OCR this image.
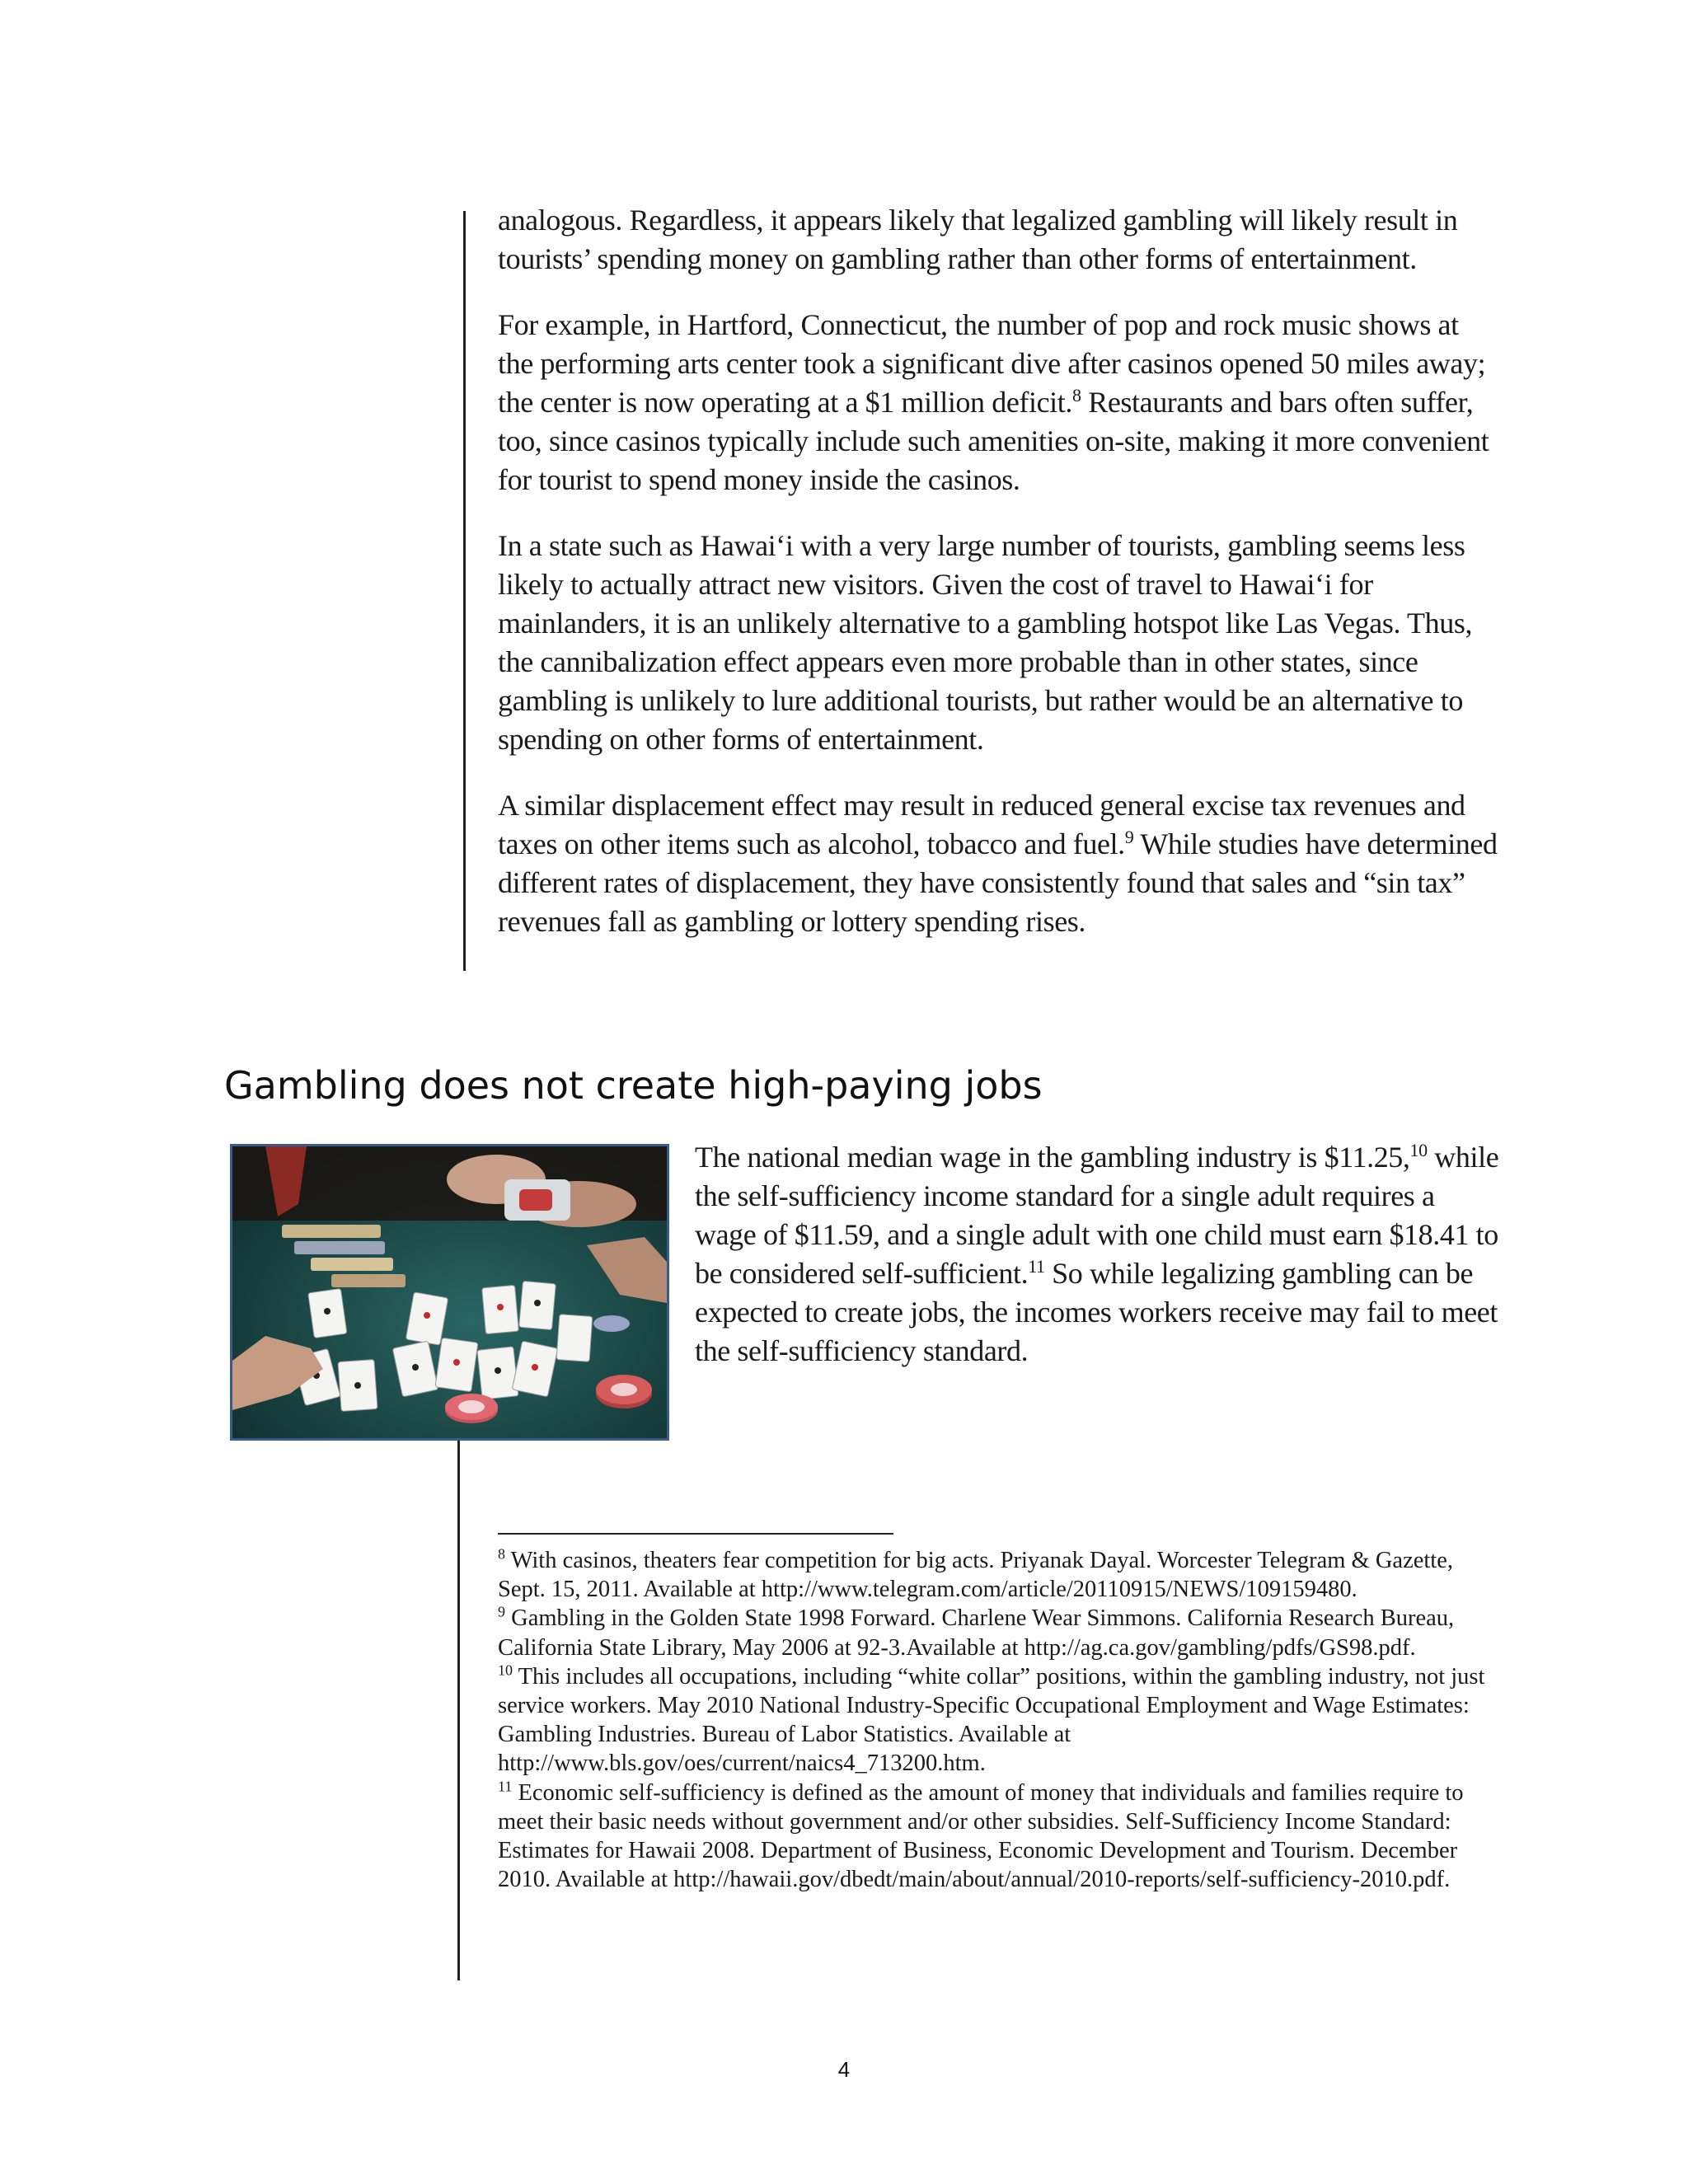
analogous. Regardless, it appears likely that legalized gambling will likely result in tourists’ spending money on gambling rather than other forms of entertainment.

For example, in Hartford, Connecticut, the number of pop and rock music shows at the performing arts center took a significant dive after casinos opened 50 miles away; the center is now operating at a $1 million deficit.$^8$ Restaurants and bars often suffer, too, since casinos typically include such amenities on-site, making it more convenient for tourist to spend money inside the casinos.

In a state such as Hawai‘i with a very large number of tourists, gambling seems less likely to actually attract new visitors. Given the cost of travel to Hawai‘i for mainlanders, it is an unlikely alternative to a gambling hotspot like Las Vegas. Thus, the cannibalization effect appears even more probable than in other states, since gambling is unlikely to lure additional tourists, but rather would be an alternative to spending on other forms of entertainment.

A similar displacement effect may result in reduced general excise tax revenues and taxes on other items such as alcohol, tobacco and fuel.$^9$ While studies have determined different rates of displacement, they have consistently found that sales and “sin tax” revenues fall as gambling or lottery spending rises.

Gambling does not create high-paying jobs

The national median wage in the gambling industry is $11.25,10 while the self-sufficiency income standard for a single adult requires a wage of $11.59, and a single adult with one child must earn $18.41 to be considered self-sufficient.$^{11}$ So while legalizing gambling can be expected to create jobs, the incomes workers receive may fail to meet the self-sufficiency standard.

$^8$ With casinos, theaters fear competition for big acts. Priyanak Dayal. Worcester Telegram & Gazette, Sept. 15, 2011. Available at http://www.telegram.com/article/20110915/NEWS/109159480.

$^9$ Gambling in the Golden State 1998 Forward. Charlene Wear Simmons. California Research Bureau, California State Library, May 2006 at 92-3.Available at http://ag.ca.gov/gambling/pdfs/GS98.pdf.

$^{10}$ This includes all occupations, including “white collar” positions, within the gambling industry, not just service workers. May 2010 National Industry-Specific Occupational Employment and Wage Estimates: Gambling Industries. Bureau of Labor Statistics. Available at http://www.bls.gov/oes/current/naics4_713200.htm.

$^{11}$ Economic self-sufficiency is defined as the amount of money that individuals and families require to meet their basic needs without government and/or other subsidies. Self-Sufficiency Income Standard: Estimates for Hawaii 2008. Department of Business, Economic Development and Tourism. December 2010. Available at http://hawaii.gov/dbedt/main/about/annual/2010-reports/self-sufficiency-2010.pdf.

4
